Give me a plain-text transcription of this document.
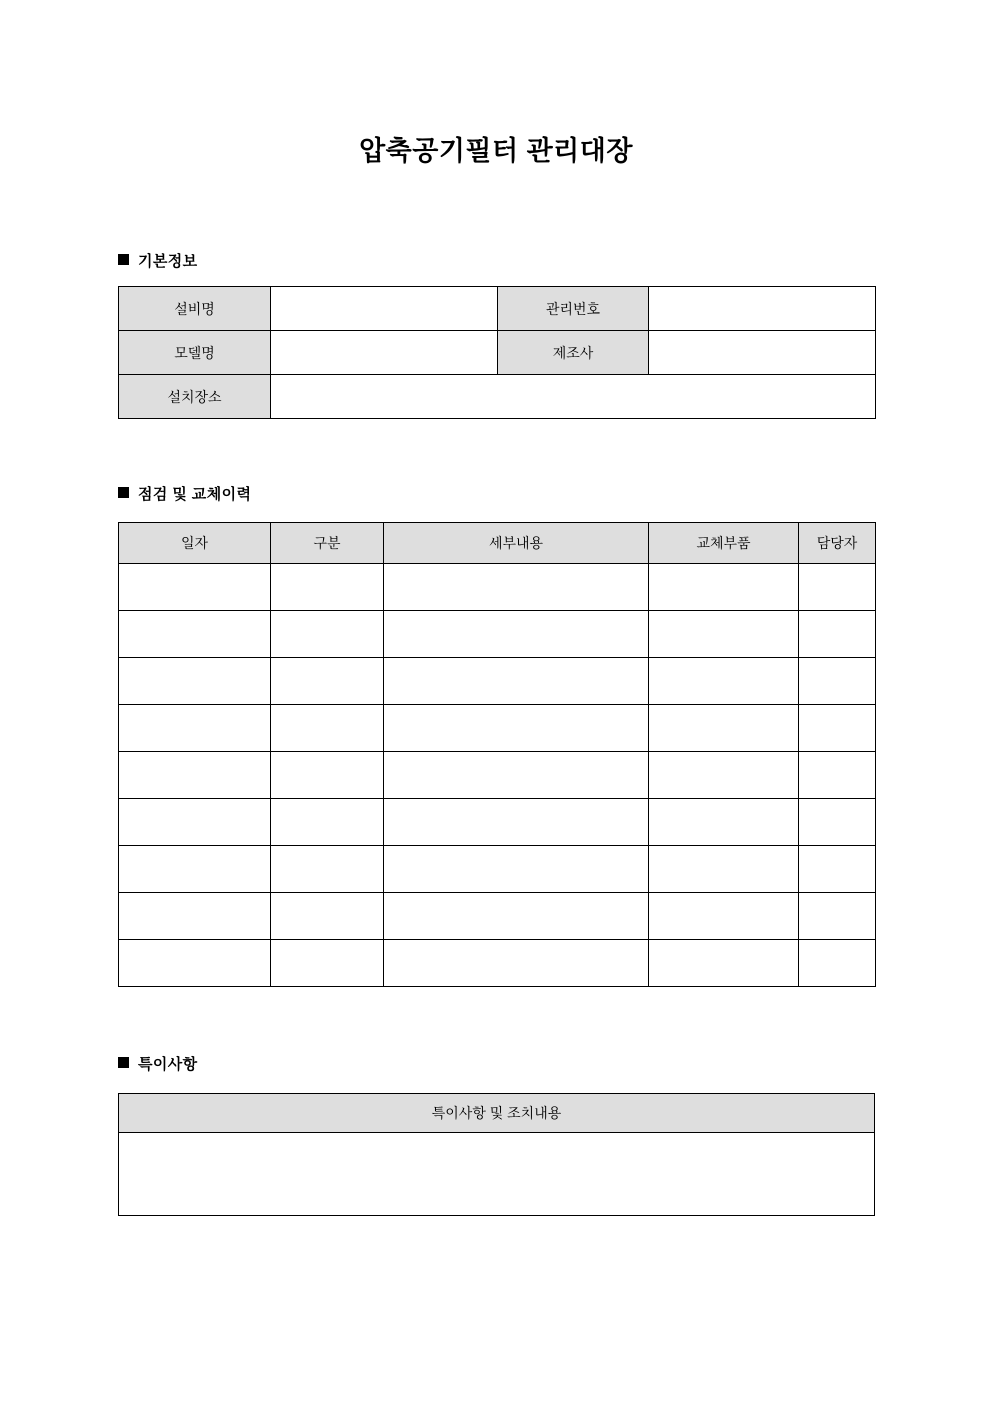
압축공기필터 관리대장
기본정보
설비명		관리번호	
모델명		제조사	
설치장소			
점검 및 교체이력
일자	구분	세부내용	교체부품	담당자

특이사항
특이사항 및 조치내용
